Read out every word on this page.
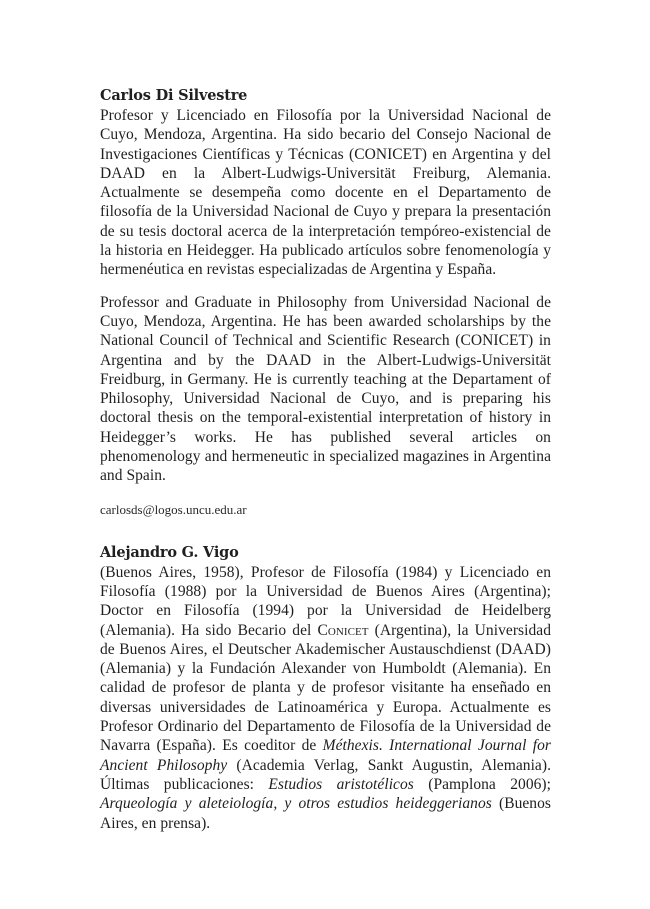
Carlos Di Silvestre

Profesor y Licenciado en Filosofía por la Universidad Nacional de Cuyo, Mendoza, Argentina. Ha sido becario del Consejo Nacional de Investigaciones Científicas y Técnicas (CONICET) en Argentina y del DAAD en la Albert-Ludwigs-Universität Freiburg, Alemania. Actualmente se desempeña como docente en el Departamento de filosofía de la Universidad Nacional de Cuyo y prepara la presentación de su tesis doctoral acerca de la interpretación tempóreo-existencial de la historia en Heidegger. Ha publicado artículos sobre fenomenología y hermenéutica en revistas especializadas de Argentina y España.

Professor and Graduate in Philosophy from Universidad Nacional de Cuyo, Mendoza, Argentina. He has been awarded scholarships by the National Council of Technical and Scientific Research (CONICET) in Argentina and by the DAAD in the Albert-Ludwigs-Universität Freidburg, in Germany. He is currently teaching at the Departament of Philosophy, Universidad Nacional de Cuyo, and is preparing his doctoral thesis on the temporal-existential interpretation of history in Heidegger’s works. He has published several articles on phenomenology and hermeneutic in specialized magazines in Argentina and Spain.

carlosds@logos.uncu.edu.ar

Alejandro G. Vigo

(Buenos Aires, 1958), Profesor de Filosofía (1984) y Licenciado en Filosofía (1988) por la Universidad de Buenos Aires (Argentina); Doctor en Filosofía (1994) por la Universidad de Heidelberg (Alemania). Ha sido Becario del Conicet (Argentina), la Universidad de Buenos Aires, el Deutscher Akademischer Austauschdienst (DAAD) (Alemania) y la Fundación Alexander von Humboldt (Alemania). En calidad de profesor de planta y de profesor visitante ha enseñado en diversas universidades de Latinoamérica y Europa. Actualmente es Profesor Ordinario del Departamento de Filosofía de la Universidad de Navarra (España). Es coeditor de Méthexis. International Journal for Ancient Philosophy (Academia Verlag, Sankt Augustin, Alemania). Últimas publicaciones: Estudios aristotélicos (Pamplona 2006); Arqueología y aleteiología, y otros estudios heideggerianos (Buenos Aires, en prensa).
